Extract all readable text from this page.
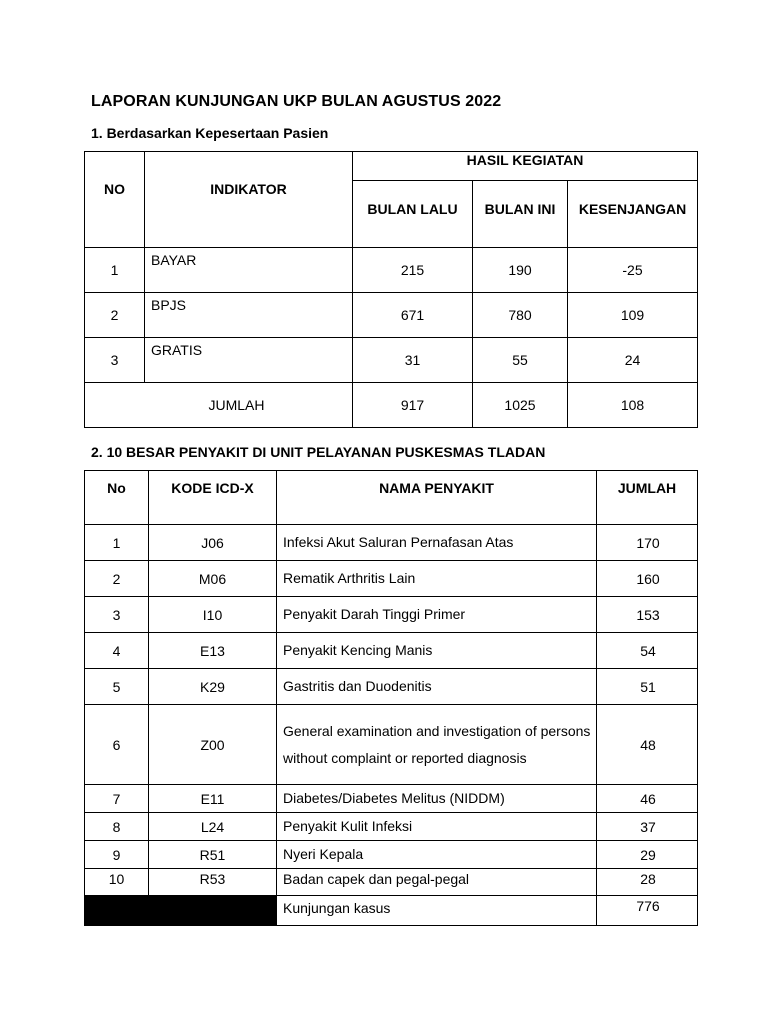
LAPORAN KUNJUNGAN UKP BULAN AGUSTUS 2022
1. Berdasarkan Kepesertaan Pasien
NO	INDIKATOR	HASIL KEGIATAN		
		BULAN LALU	BULAN INI	KESENJANGAN
1	BAYAR	215	190	-25
2	BPJS	671	780	109
3	GRATIS	31	55	24
JUMLAH		917	1025	108
2. 10 BESAR PENYAKIT DI UNIT PELAYANAN PUSKESMAS TLADAN
No	KODE ICD-X	NAMA PENYAKIT	JUMLAH
1	J06	Infeksi Akut Saluran Pernafasan Atas	170
2	M06	Rematik Arthritis Lain	160
3	I10	Penyakit Darah Tinggi Primer	153
4	E13	Penyakit Kencing Manis	54
5	K29	Gastritis dan Duodenitis	51
6	Z00	General examination and investigation of persons without complaint or reported diagnosis	48
7	E11	Diabetes/Diabetes Melitus (NIDDM)	46
8	L24	Penyakit Kulit Infeksi	37
9	R51	Nyeri Kepala	29
10	R53	Badan capek dan pegal-pegal	28
		Kunjungan kasus	776
